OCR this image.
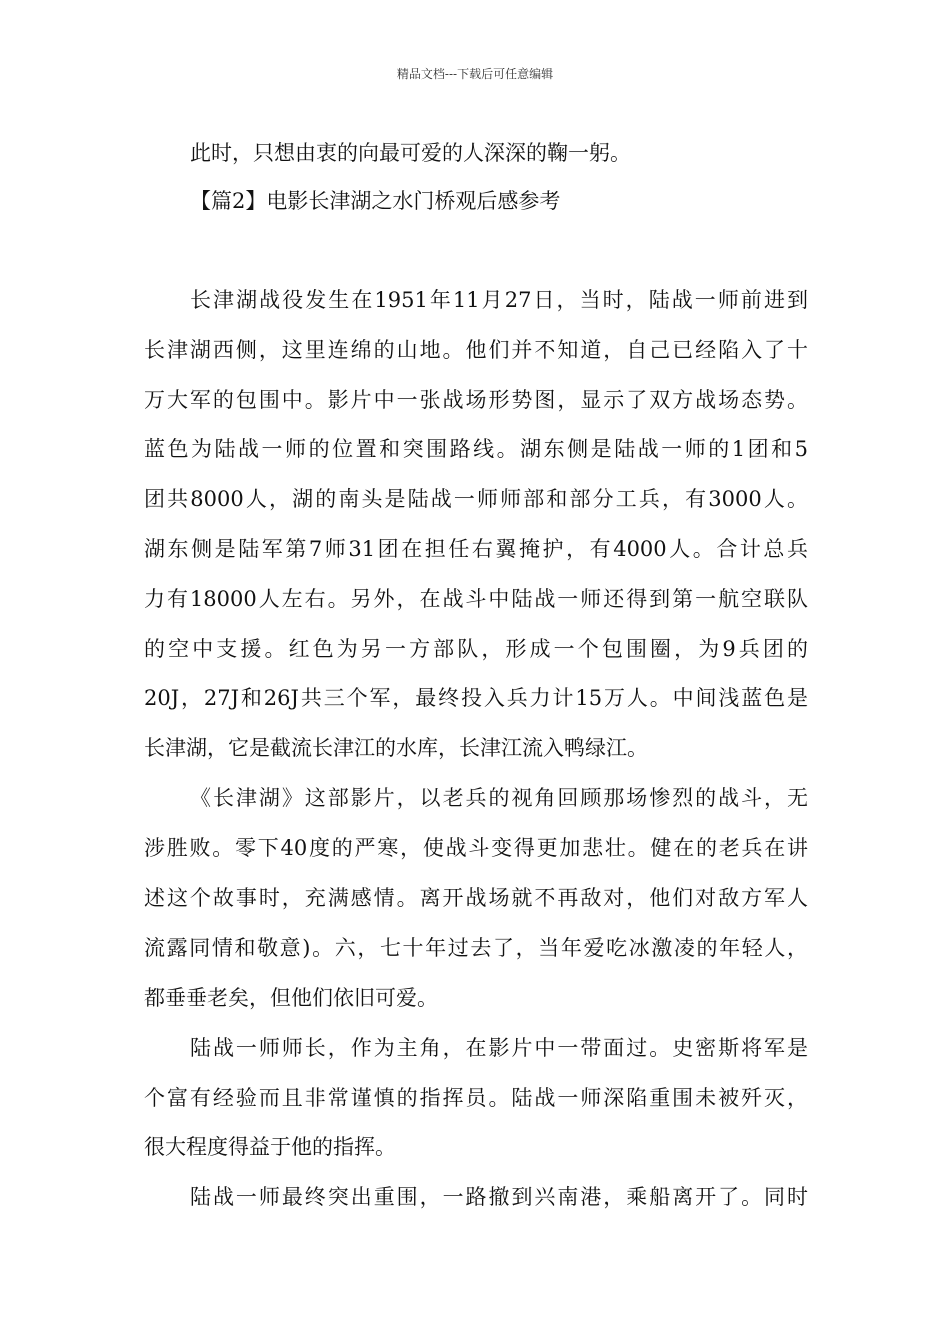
精品文档---下载后可任意编辑
此时，只想由衷的向最可爱的人深深的鞠一躬。
【篇2】电影长津湖之水门桥观后感参考
长津湖战役发生在1951年11月27日，当时，陆战一师前进到
长津湖西侧，这里连绵的山地。他们并不知道，自己已经陷入了十
万大军的包围中。影片中一张战场形势图，显示了双方战场态势。
蓝色为陆战一师的位置和突围路线。湖东侧是陆战一师的1团和5
团共8000人，湖的南头是陆战一师师部和部分工兵，有3000人。
湖东侧是陆军第7师31团在担任右翼掩护，有4000人。合计总兵
力有18000人左右。另外，在战斗中陆战一师还得到第一航空联队
的空中支援。红色为另一方部队，形成一个包围圈，为9兵团的
20J，27J和26J共三个军，最终投入兵力计15万人。中间浅蓝色是
长津湖，它是截流长津江的水库，长津江流入鸭绿江。
《长津湖》这部影片，以老兵的视角回顾那场惨烈的战斗，无
涉胜败。零下40度的严寒，使战斗变得更加悲壮。健在的老兵在讲
述这个故事时，充满感情。离开战场就不再敌对，他们对敌方军人
流露同情和敬意)。六，七十年过去了，当年爱吃冰激凌的年轻人，
都垂垂老矣，但他们依旧可爱。
陆战一师师长，作为主角，在影片中一带面过。史密斯将军是
个富有经验而且非常谨慎的指挥员。陆战一师深陷重围未被歼灭，
很大程度得益于他的指挥。
陆战一师最终突出重围，一路撤到兴南港，乘船离开了。同时
